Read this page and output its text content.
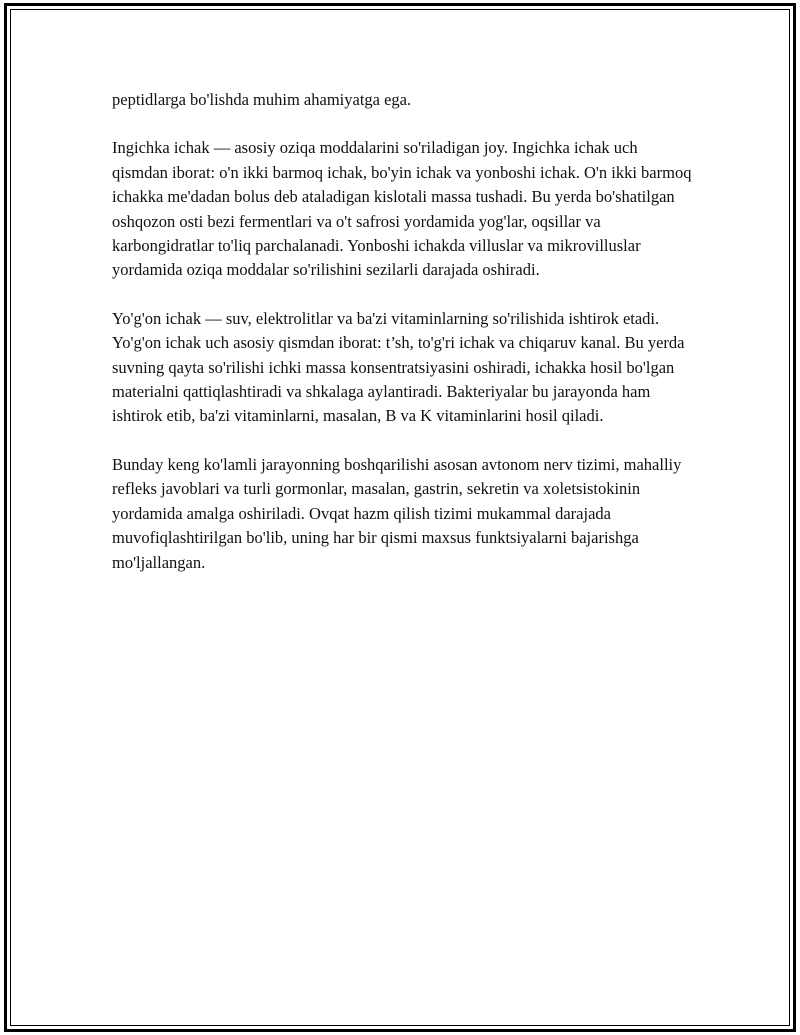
peptidlarga bo'lishda muhim ahamiyatga ega.

Ingichka ichak — asosiy oziqa moddalarini so'riladigan joy. Ingichka ichak uch qismdan iborat: o'n ikki barmoq ichak, bo'yin ichak va yonboshi ichak. O'n ikki barmoq ichakka me'dadan bolus deb ataladigan kislotali massa tushadi. Bu yerda bo'shatilgan oshqozon osti bezi fermentlari va o't safrosi yordamida yog'lar, oqsillar va karbongidratlar to'liq parchalanadi. Yonboshi ichakda villuslar va mikrovilluslar yordamida oziqa moddalar so'rilishini sezilarli darajada oshiradi.

Yo'g'on ichak — suv, elektrolitlar va ba'zi vitaminlarning so'rilishida ishtirok etadi. Yo'g'on ichak uch asosiy qismdan iborat: t’sh, to'g'ri ichak va chiqaruv kanal. Bu yerda suvning qayta so'rilishi ichki massa konsentratsiyasini oshiradi, ichakka hosil bo'lgan materialni qattiqlashtiradi va shkalaga aylantiradi. Bakteriyalar bu jarayonda ham ishtirok etib, ba'zi vitaminlarni, masalan, B va K vitaminlarini hosil qiladi.

Bunday keng ko'lamli jarayonning boshqarilishi asosan avtonom nerv tizimi, mahalliy refleks javoblari va turli gormonlar, masalan, gastrin, sekretin va xoletsistokinin yordamida amalga oshiriladi. Ovqat hazm qilish tizimi mukammal darajada muvofiqlashtirilgan bo'lib, uning har bir qismi maxsus funktsiyalarni bajarishga mo'ljallangan.
